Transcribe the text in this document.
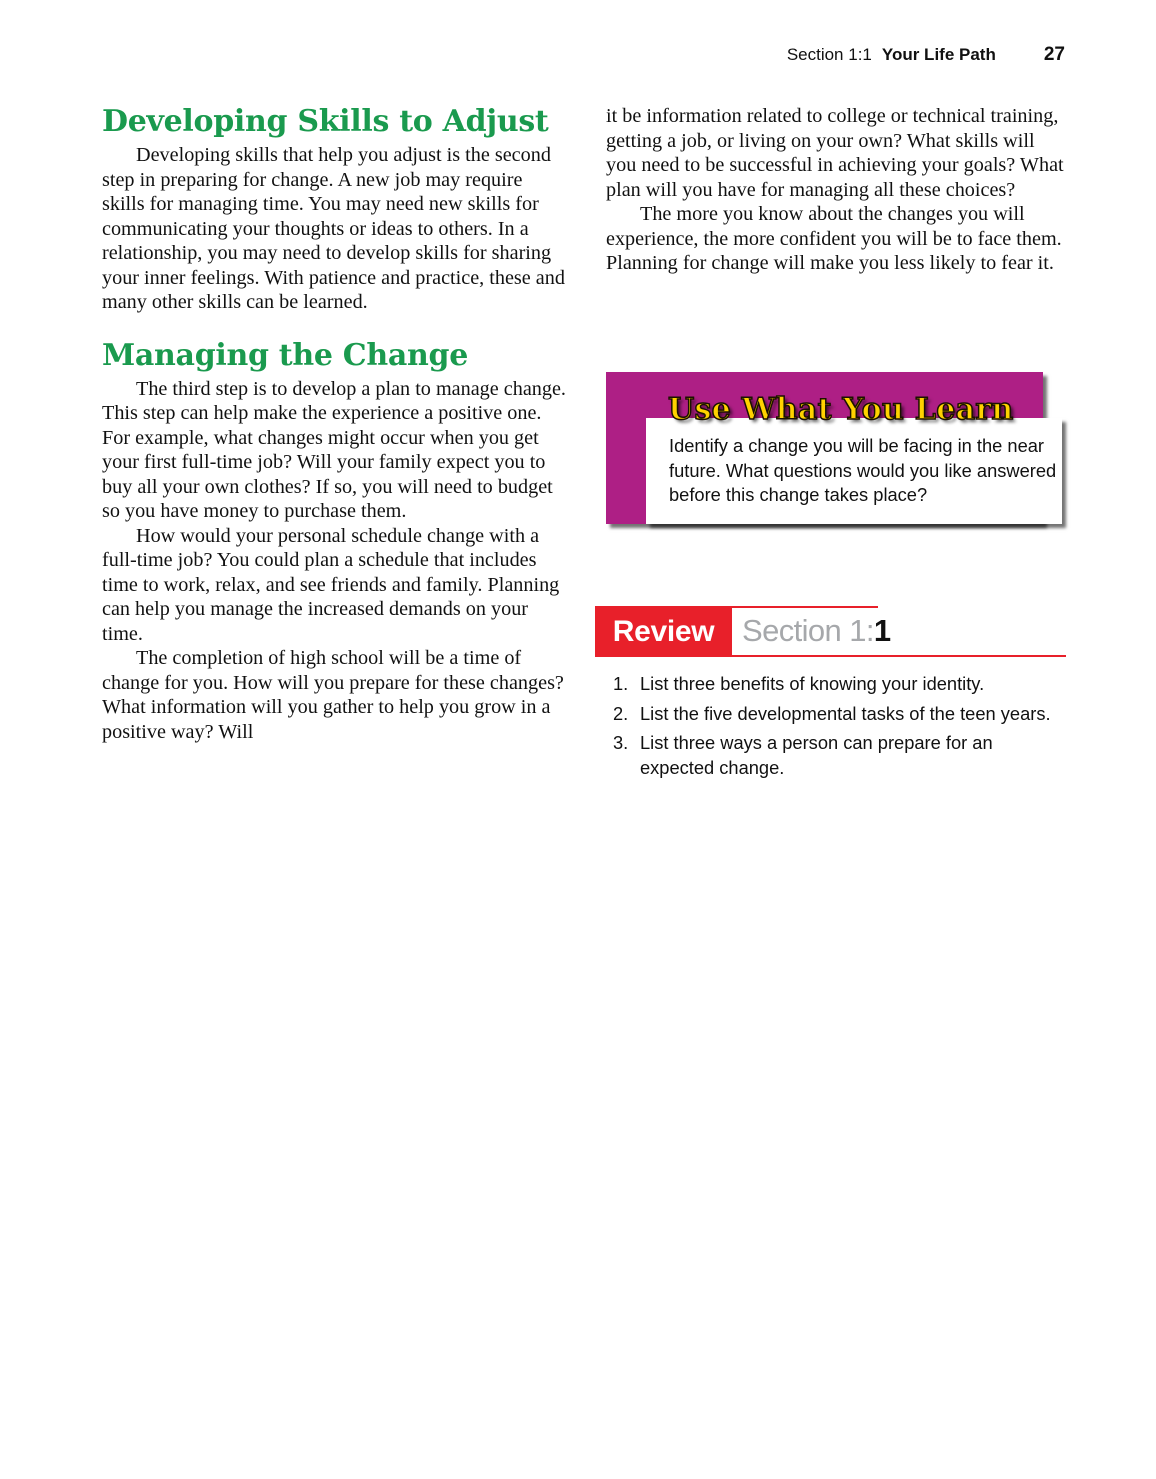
Section 1:1 Your Life Path	27
Developing Skills to Adjust

Developing skills that help you adjust is the second step in preparing for change. A new job may require skills for managing time. You may need new skills for communicating your thoughts or ideas to others. In a relationship, you may need to develop skills for sharing your inner feelings. With patience and practice, these and many other skills can be learned.

Managing the Change

The third step is to develop a plan to manage change. This step can help make the experience a positive one. For example, what changes might occur when you get your first full-time job? Will your family expect you to buy all your own clothes? If so, you will need to budget so you have money to purchase them.

How would your personal schedule change with a full-time job? You could plan a schedule that includes time to work, relax, and see friends and family. Planning can help you manage the increased demands on your time.

The completion of high school will be a time of change for you. How will you prepare for these changes? What information will you gather to help you grow in a positive way? Will

it be information related to college or technical training, getting a job, or living on your own? What skills will you need to be successful in achieving your goals? What plan will you have for managing all these choices?

The more you know about the changes you will experience, the more confident you will be to face them. Planning for change will make you less likely to fear it.

Use What You Learn
Identify a change you will be facing in the near future. What questions would you like answered before this change takes place?
Review Section 1:1
1. List three benefits of knowing your identity.
2. List the five developmental tasks of the teen years.
3. List three ways a person can prepare for an expected change.
